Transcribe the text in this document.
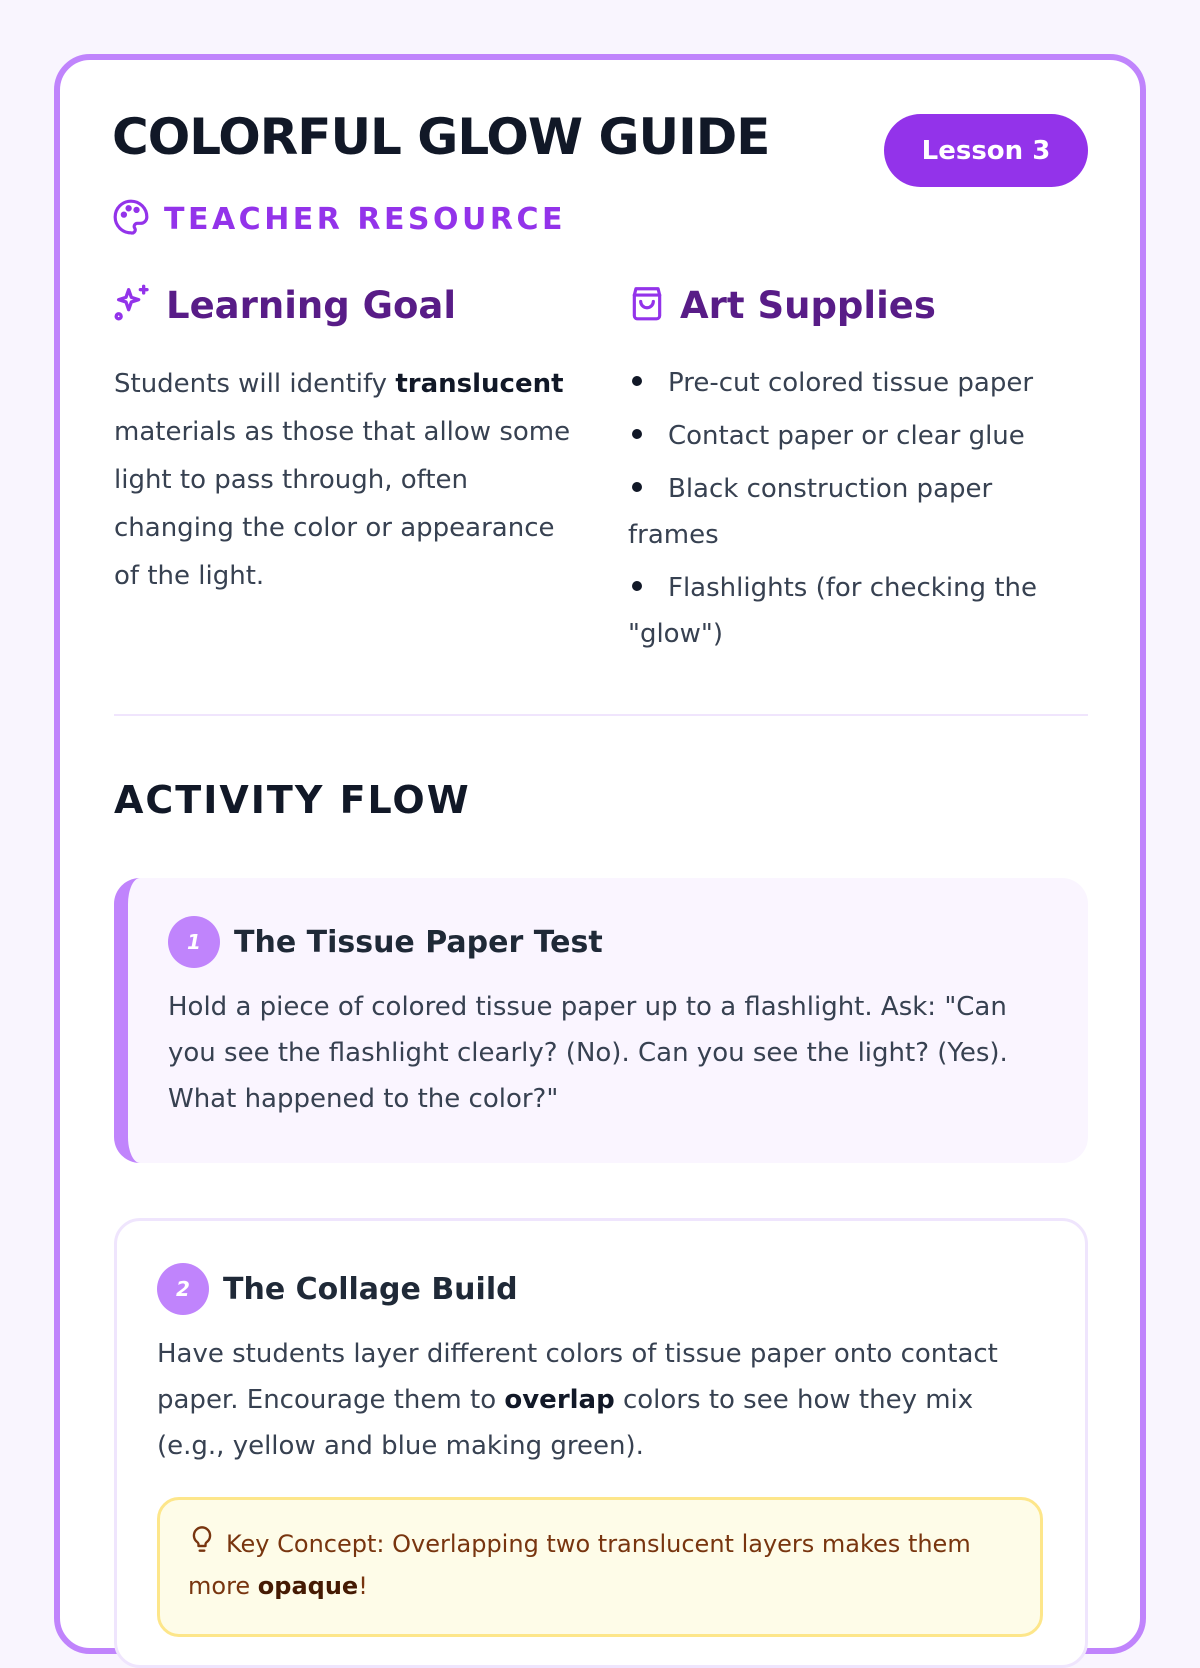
COLORFUL GLOW GUIDE	Lesson 3
TEACHER RESOURCE
Learning Goal
Students will identify translucent materials as those that allow some light to pass through, often changing the color or appearance of the light.
Art Supplies
Pre-cut colored tissue paper
Contact paper or clear glue
Black construction paper frames
Flashlights (for checking the "glow")
ACTIVITY FLOW
1	The Tissue Paper Test
Hold a piece of colored tissue paper up to a flashlight. Ask: "Can you see the flashlight clearly? (No). Can you see the light? (Yes). What happened to the color?"
2	The Collage Build
Have students layer different colors of tissue paper onto contact paper. Encourage them to overlap colors to see how they mix (e.g., yellow and blue making green).
Key Concept: Overlapping two translucent layers makes them more opaque!
